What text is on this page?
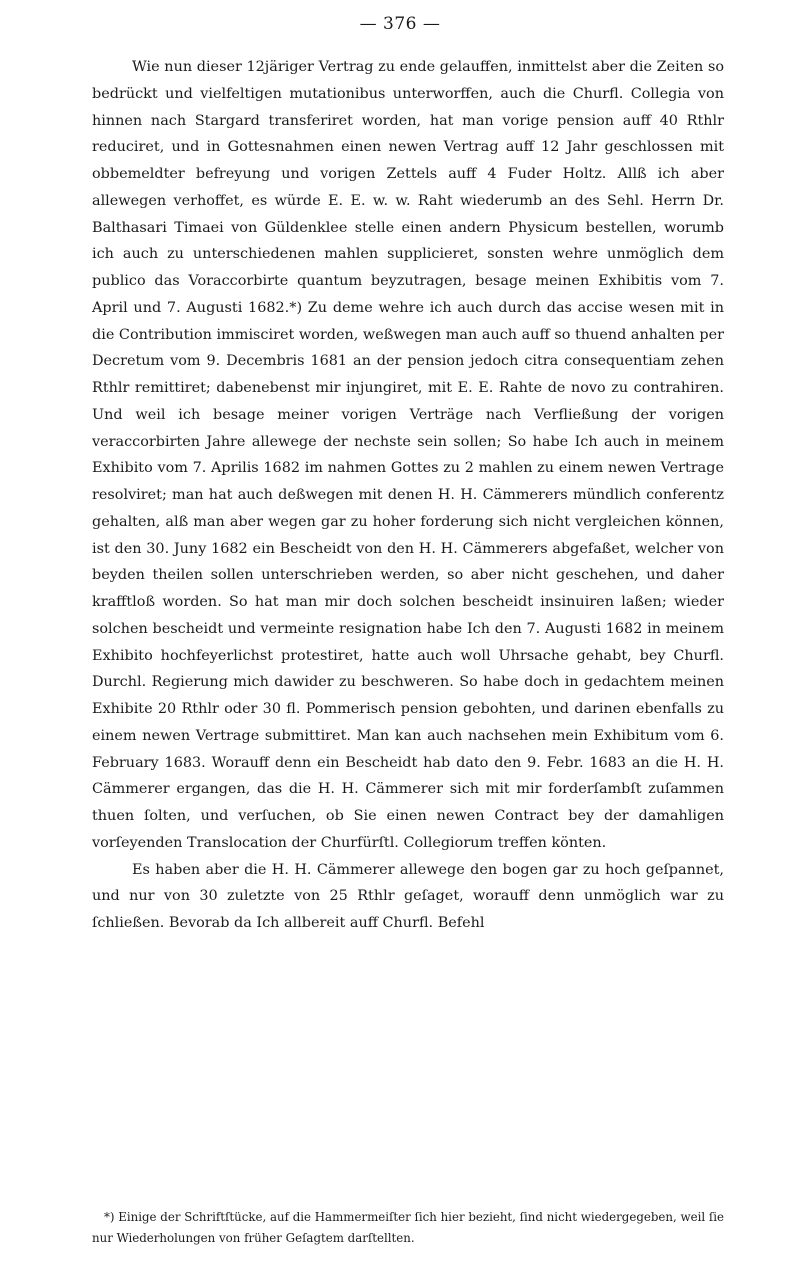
— 376 —

Wie nun dieser 12järiger Vertrag zu ende gelauffen, inmittelst aber die Zeiten so bedrückt und vielfeltigen mutationibus unterworffen, auch die Churfl. Collegia von hinnen nach Stargard transferiret worden, hat man vorige pension auff 40 Rthlr reduciret, und in Gottesnahmen einen newen Vertrag auff 12 Jahr geschlossen mit obbemeldter befreyung und vorigen Zettels auff 4 Fuder Holtz. Allß ich aber allewegen verhoffet, es würde E. E. w. w. Raht wiederumb an des Sehl. Herrn Dr. Balthasari Timaei von Güldenklee stelle einen andern Physicum bestellen, worumb ich auch zu unterschiedenen mahlen supplicieret, sonsten wehre unmöglich dem publico das Voraccorbirte quantum beyzutragen, besage meinen Exhibitis vom 7. April und 7. Augusti 1682.*) Zu deme wehre ich auch durch das accise wesen mit in die Contribution immisciret worden, weßwegen man auch auff so thuend anhalten per Decretum vom 9. Decembris 1681 an der pension jedoch citra consequentiam zehen Rthlr remittiret; dabenebenst mir injungiret, mit E. E. Rahte de novo zu contrahiren. Und weil ich besage meiner vorigen Verträge nach Verfließung der vorigen veraccorbirten Jahre allewege der nechste sein sollen; So habe Ich auch in meinem Exhibito vom 7. Aprilis 1682 im nahmen Gottes zu 2 mahlen zu einem newen Vertrage resolviret; man hat auch deßwegen mit denen H. H. Cämmerers mündlich conferentz gehalten, alß man aber wegen gar zu hoher forderung sich nicht vergleichen können, ist den 30. Juny 1682 ein Bescheidt von den H. H. Cämmerers abgefaßet, welcher von beyden theilen sollen unterschrieben werden, so aber nicht geschehen, und daher krafftloß worden. So hat man mir doch solchen bescheidt insinuiren laßen; wieder solchen bescheidt und vermeinte resignation habe Ich den 7. Augusti 1682 in meinem Exhibito hochfeyerlichst protestiret, hatte auch woll Uhrsache gehabt, bey Churfl. Durchl. Regierung mich dawider zu beschweren. So habe doch in gedachtem meinen Exhibite 20 Rthlr oder 30 fl. Pommerisch pension gebohten, und darinen ebenfalls zu einem newen Vertrage submittiret. Man kan auch nachsehen mein Exhibitum vom 6. February 1683. Worauff denn ein Bescheidt hab dato den 9. Febr. 1683 an die H. H. Cämmerer ergangen, das die H. H. Cämmerer sich mit mir forderſambſt zuſammen thuen ſolten, und verſuchen, ob Sie einen newen Contract bey der damahligen vorſeyenden Translocation der Churfürſtl. Collegiorum treffen könten.

Es haben aber die H. H. Cämmerer allewege den bogen gar zu hoch geſpannet, und nur von 30 zuletzte von 25 Rthlr geſaget, worauff denn unmöglich war zu ſchließen. Bevorab da Ich allbereit auff Churfl. Befehl

*) Einige der Schriftſtücke, auf die Hammermeiſter ſich hier bezieht, ſind nicht wiedergegeben, weil ſie nur Wiederholungen von früher Geſagtem darſtellten.
